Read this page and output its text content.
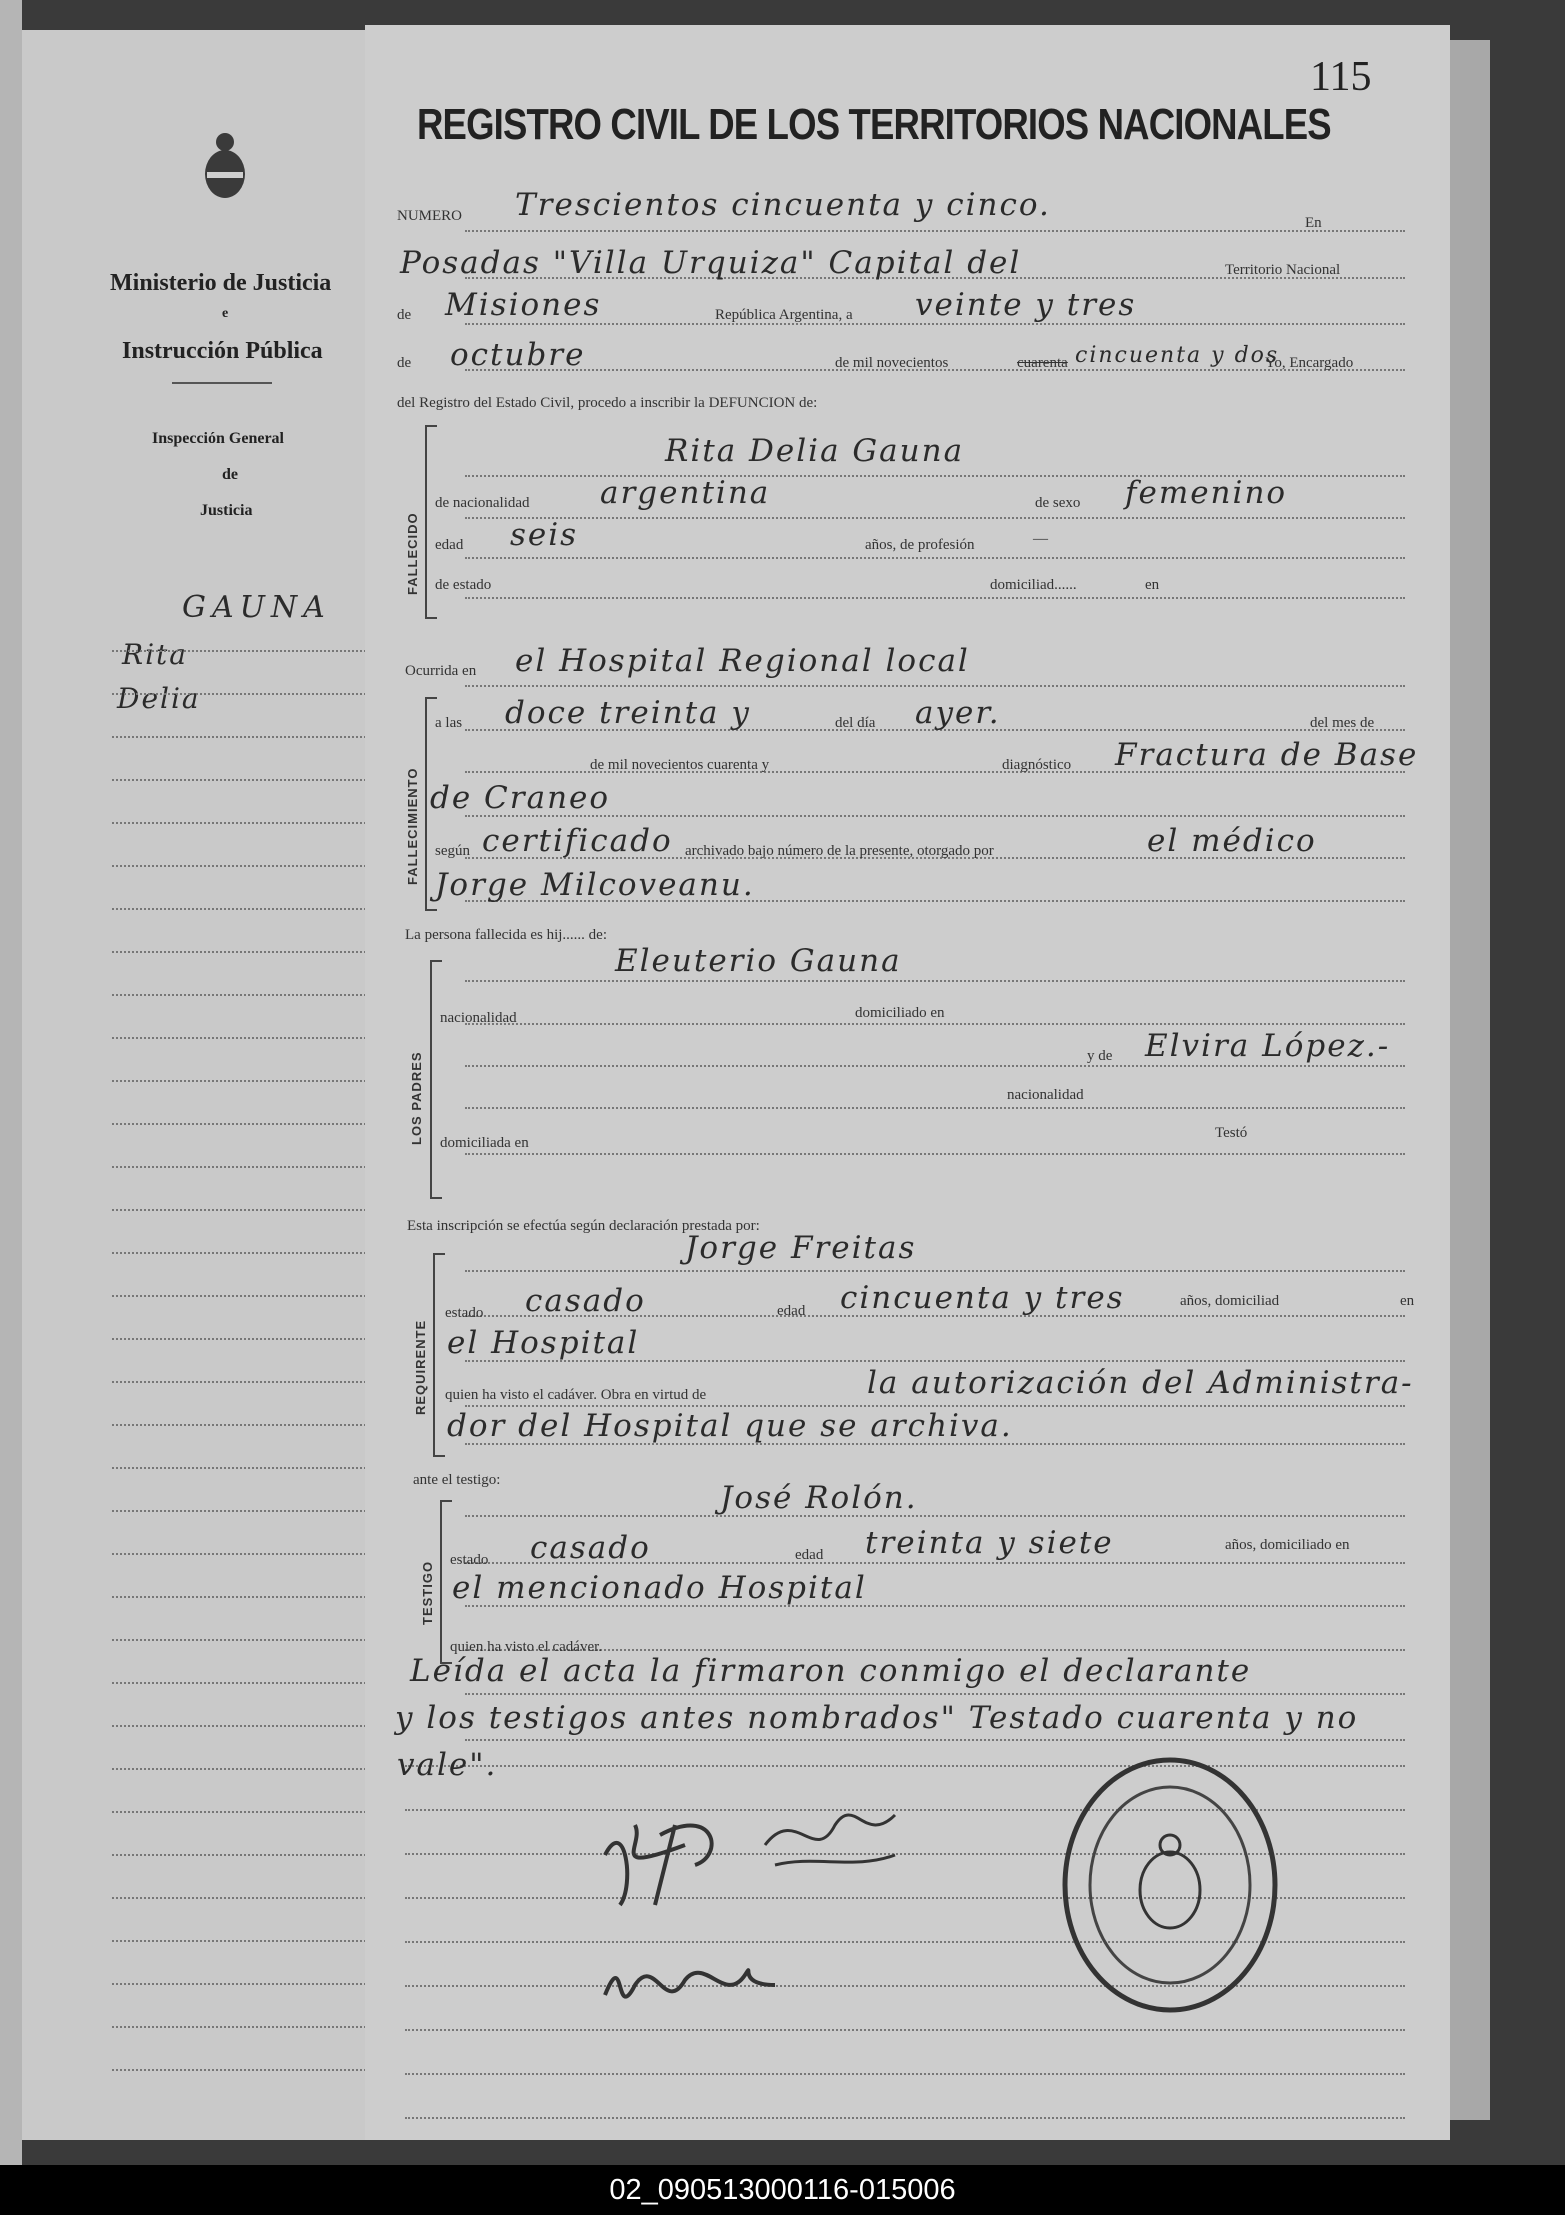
Ministerio de Justicia
e
Instrucción Pública
Inspección General
de
Justicia
GAUNA
Rita
Delia
115
REGISTRO CIVIL DE LOS TERRITORIOS NACIONALES
NUMERO Trescientos cincuenta y cinco.	En
Posadas "Villa Urquiza" Capital del	Territorio Nacional
de Misiones	República Argentina, a veinte y tres
de octubre	de mil novecientos	cuarenta cincuenta y dos
Yo, Encargado
del Registro del Estado Civil, procedo a inscribir la DEFUNCION de:
FALLECIDO
Rita Delia Gauna
de nacionalidad argentina	de sexo femenino
edad seis	años, de profesión	—
de estado	domiciliad......	en
Ocurrida en el Hospital Regional local
FALLECIMIENTO
a las doce treinta y	del día ayer.	del mes de
de mil novecientos cuarenta y	diagnóstico Fractura de Base
de Craneo
según certificado archivado bajo número de la presente, otorgado por	el médico
Jorge Milcoveanu.
La persona fallecida es hij...... de:
LOS PADRES
Eleuterio Gauna
nacionalidad	domiciliado en
y de Elvira López.-
nacionalidad
domiciliada en
Testó
Esta inscripción se efectúa según declaración prestada por:
REQUIRENTE
Jorge Freitas
estado casado	edad cincuenta y tres	años, domiciliad	en
el Hospital
quien ha visto el cadáver. Obra en virtud de	la autorización del Administra-
dor del Hospital que se archiva.
ante el testigo:
TESTIGO
José Rolón.
estado casado	edad treinta y siete	años, domiciliado en
el mencionado Hospital
quien ha visto el cadáver.
Leída el acta la firmaron conmigo el declarante
y los testigos antes nombrados" Testado cuarenta y no
vale".
02_090513000116-015006
